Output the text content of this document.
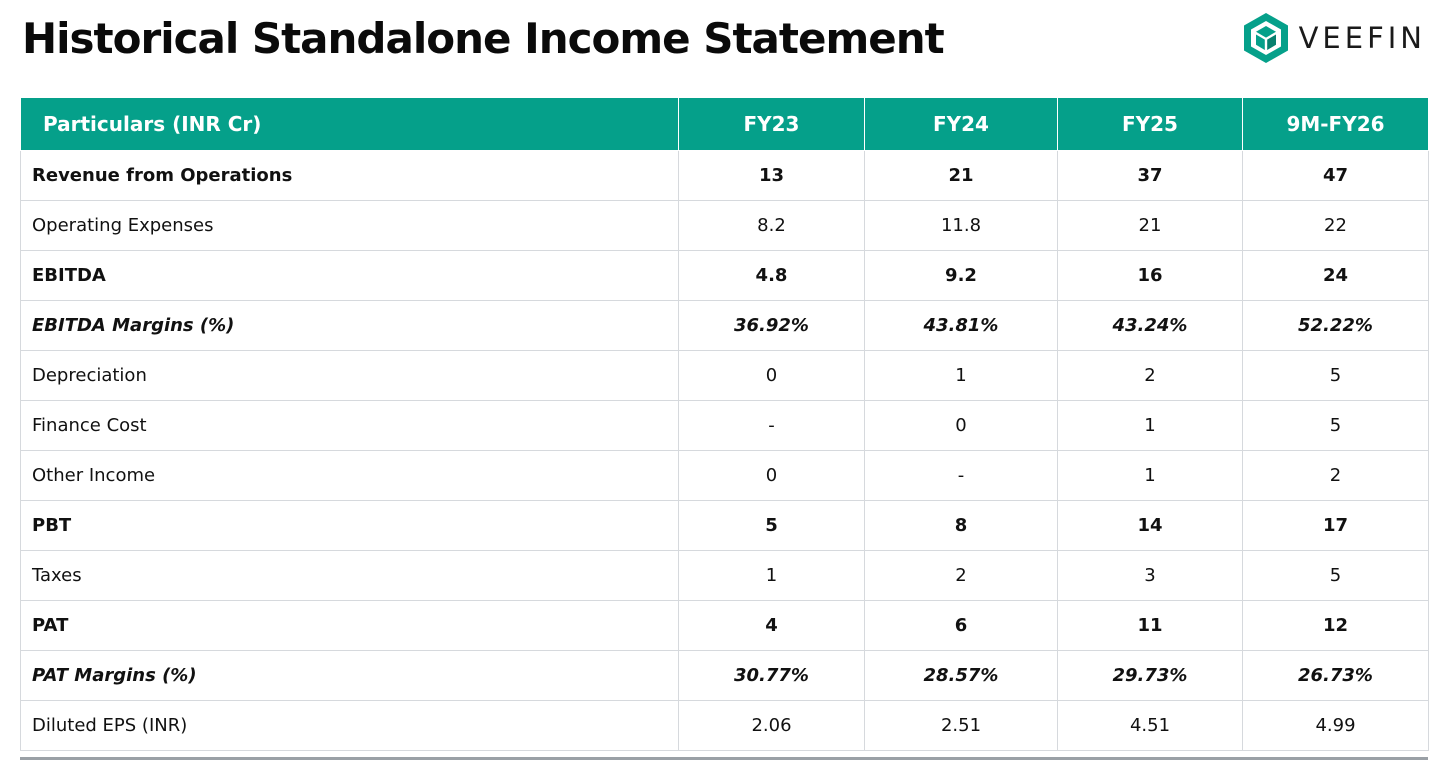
Historical Standalone Income Statement	VEEFIN
Particulars (INR Cr)	FY23	FY24	FY25	9M-FY26
Revenue from Operations	13	21	37	47
Operating Expenses	8.2	11.8	21	22
EBITDA	4.8	9.2	16	24
EBITDA Margins (%)	36.92%	43.81%	43.24%	52.22%
Depreciation	0	1	2	5
Finance Cost	-	0	1	5
Other Income	0	-	1	2
PBT	5	8	14	17
Taxes	1	2	3	5
PAT	4	6	11	12
PAT Margins (%)	30.77%	28.57%	29.73%	26.73%
Diluted EPS (INR)	2.06	2.51	4.51	4.99
